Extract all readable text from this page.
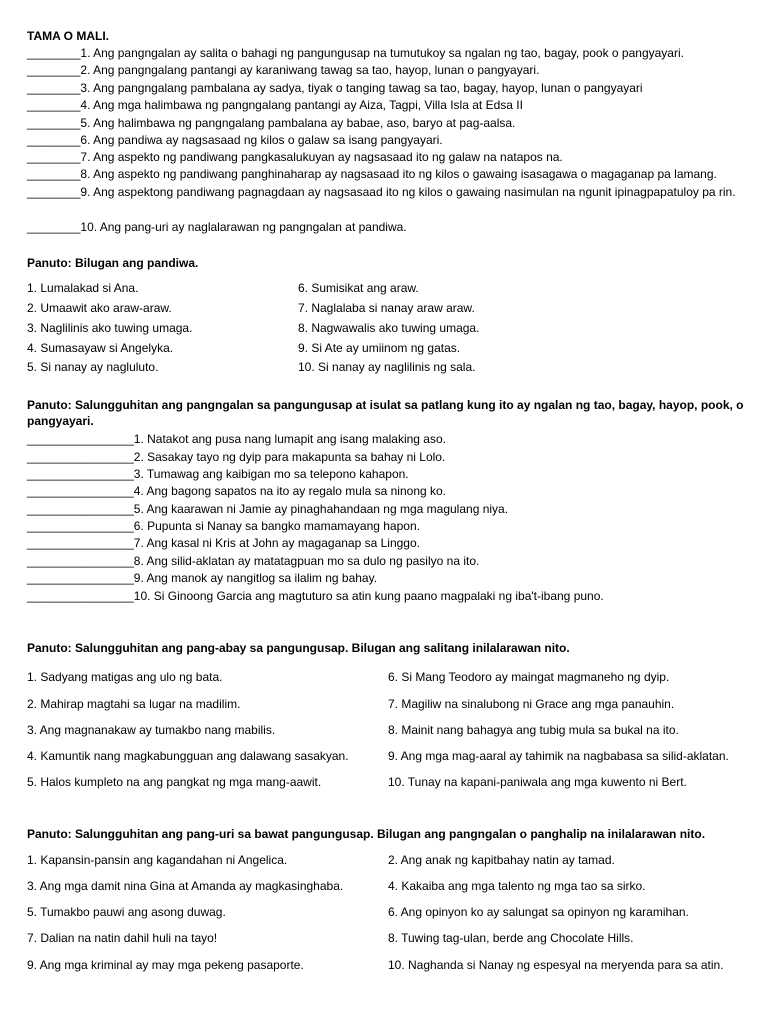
TAMA O MALI.
________1. Ang pangngalan ay salita o bahagi ng pangungusap na tumutukoy sa ngalan ng tao, bagay, pook o pangyayari.
________2. Ang pangngalang pantangi ay karaniwang tawag sa tao, hayop, lunan o pangyayari.
________3. Ang pangngalang pambalana ay sadya, tiyak o tanging tawag sa tao, bagay, hayop, lunan o pangyayari
________4. Ang mga halimbawa ng pangngalang pantangi ay Aiza, Tagpi, Villa Isla at Edsa II
________5. Ang halimbawa ng pangngalang pambalana ay babae, aso, baryo at pag-aalsa.
________6. Ang pandiwa ay nagsasaad ng kilos o galaw sa isang pangyayari.
________7. Ang aspekto ng pandiwang pangkasalukuyan ay nagsasaad ito ng galaw na natapos na.
________8. Ang aspekto ng pandiwang panghinaharap ay nagsasaad ito ng kilos o gawaing isasagawa o magaganap pa lamang.
________9. Ang aspektong pandiwang pagnagdaan ay nagsasaad ito ng kilos o gawaing nasimulan na ngunit ipinagpapatuloy pa rin.
________10. Ang pang-uri ay naglalarawan ng pangngalan at pandiwa.
Panuto: Bilugan ang pandiwa.
1. Lumalakad si Ana.
2. Umaawit ako araw-araw.
3. Naglilinis ako tuwing umaga.
4. Sumasayaw si Angelyka.
5. Si nanay ay nagluluto.
6. Sumisikat ang araw.
7. Naglalaba si nanay araw araw.
8. Nagwawalis ako tuwing umaga.
9. Si Ate ay umiinom ng gatas.
10. Si nanay ay naglilinis ng sala.
Panuto: Salungguhitan ang pangngalan sa pangungusap at isulat sa patlang kung ito ay ngalan ng tao, bagay, hayop, pook, o pangyayari.
________________1. Natakot ang pusa nang lumapit ang isang malaking aso.
________________2. Sasakay tayo ng dyip para makapunta sa bahay ni Lolo.
________________3. Tumawag ang kaibigan mo sa telepono kahapon.
________________4. Ang bagong sapatos na ito ay regalo mula sa ninong ko.
________________5. Ang kaarawan ni Jamie ay pinaghahandaan ng mga magulang niya.
________________6. Pupunta si Nanay sa bangko mamamayang hapon.
________________7. Ang kasal ni Kris at John ay magaganap sa Linggo.
________________8. Ang silid-aklatan ay matatagpuan mo sa dulo ng pasilyo na ito.
________________9. Ang manok ay nangitlog sa ilalim ng bahay.
________________10. Si Ginoong Garcia ang magtuturo sa atin kung paano magpalaki ng iba't-ibang puno.
Panuto: Salungguhitan ang pang-abay sa pangungusap. Bilugan ang salitang inilalarawan nito.
1. Sadyang matigas ang ulo ng bata.
2. Mahirap magtahi sa lugar na madilim.
3. Ang magnanakaw ay tumakbo nang mabilis.
4. Kamuntik nang magkabungguan ang dalawang sasakyan.
5. Halos kumpleto na ang pangkat ng mga mang-aawit.
6. Si Mang Teodoro ay maingat magmaneho ng dyip.
7. Magiliw na sinalubong ni Grace ang mga panauhin.
8. Mainit nang bahagya ang tubig mula sa bukal na ito.
9. Ang mga mag-aaral ay tahimik na nagbabasa sa silid-aklatan.
10. Tunay na kapani-paniwala ang mga kuwento ni Bert.
Panuto: Salungguhitan ang pang-uri sa bawat pangungusap. Bilugan ang pangngalan o panghalip na inilalarawan nito.
1. Kapansin-pansin ang kagandahan ni Angelica.
3. Ang mga damit nina Gina at Amanda ay magkasinghaba.
5. Tumakbo pauwi ang asong duwag.
7. Dalian na natin dahil huli na tayo!
9. Ang mga kriminal ay may mga pekeng pasaporte.
2. Ang anak ng kapitbahay natin ay tamad.
4. Kakaiba ang mga talento ng mga tao sa sirko.
6. Ang opinyon ko ay salungat sa opinyon ng karamihan.
8. Tuwing tag-ulan, berde ang Chocolate Hills.
10. Naghanda si Nanay ng espesyal na meryenda para sa atin.
